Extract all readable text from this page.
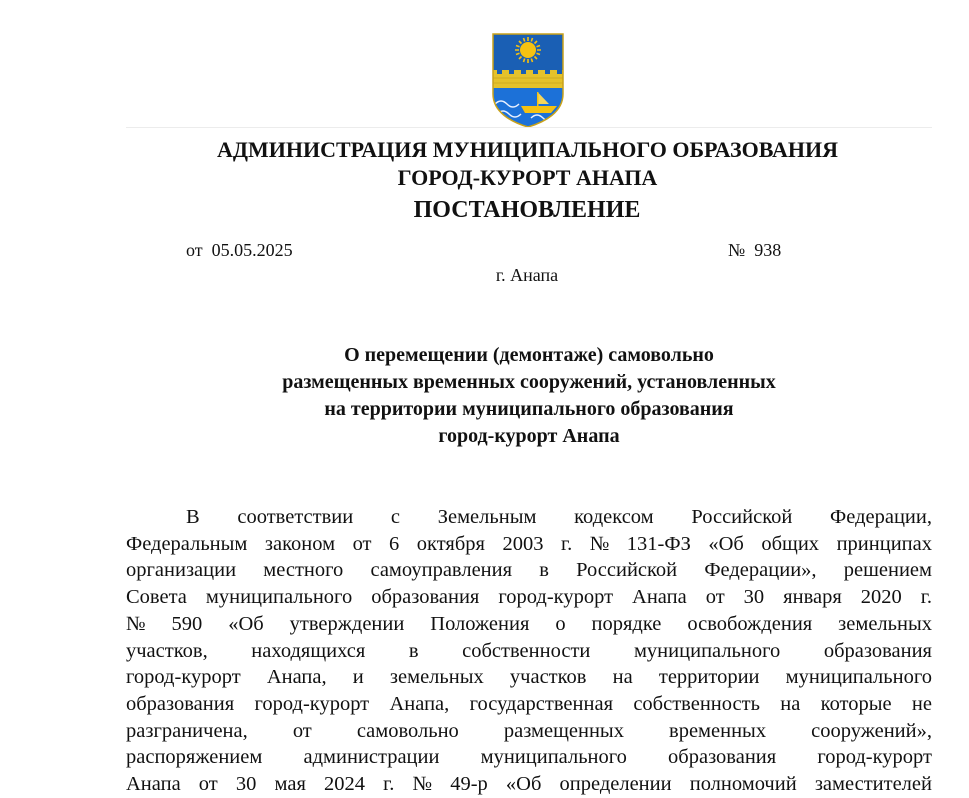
АДМИНИСТРАЦИЯ МУНИЦИПАЛЬНОГО ОБРАЗОВАНИЯ
ГОРОД-КУРОРТ АНАПА
ПОСТАНОВЛЕНИЕ
от 05.05.2025	№ 938
г. Анапа
О перемещении (демонтаже) самовольно
размещенных временных сооружений, установленных
на территории муниципального образования
город-курорт Анапа
В соответствии с Земельным кодексом Российской Федерации,
Федеральным законом от 6 октября 2003 г. № 131-ФЗ «Об общих принципах
организации местного самоуправления в Российской Федерации», решением
Совета муниципального образования город-курорт Анапа от 30 января 2020 г.
№ 590 «Об утверждении Положения о порядке освобождения земельных
участков, находящихся в собственности муниципального образования
город-курорт Анапа, и земельных участков на территории муниципального
образования город-курорт Анапа, государственная собственность на которые не
разграничена, от самовольно размещенных временных сооружений»,
распоряжением администрации муниципального образования город-курорт
Анапа от 30 мая 2024 г. № 49-р «Об определении полномочий заместителей
